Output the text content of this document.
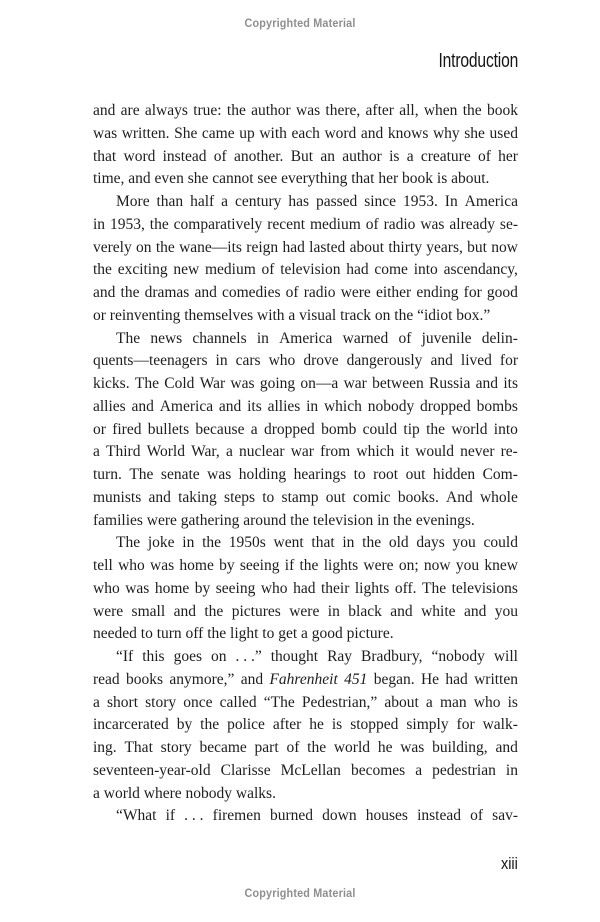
Copyrighted Material
Introduction
and are always true: the author was there, after all, when the book
was written. She came up with each word and knows why she used
that word instead of another. But an author is a creature of her
time, and even she cannot see everything that her book is about.
More than half a century has passed since 1953. In America
in 1953, the comparatively recent medium of radio was already se-
verely on the wane—its reign had lasted about thirty years, but now
the exciting new medium of television had come into ascendancy,
and the dramas and comedies of radio were either ending for good
or reinventing themselves with a visual track on the “idiot box.”
The news channels in America warned of juvenile delin-
quents—teenagers in cars who drove dangerously and lived for
kicks. The Cold War was going on—a war between Russia and its
allies and America and its allies in which nobody dropped bombs
or fired bullets because a dropped bomb could tip the world into
a Third World War, a nuclear war from which it would never re-
turn. The senate was holding hearings to root out hidden Com-
munists and taking steps to stamp out comic books. And whole
families were gathering around the television in the evenings.
The joke in the 1950s went that in the old days you could
tell who was home by seeing if the lights were on; now you knew
who was home by seeing who had their lights off. The televisions
were small and the pictures were in black and white and you
needed to turn off the light to get a good picture.
“If this goes on . . .” thought Ray Bradbury, “nobody will
read books anymore,” and Fahrenheit 451 began. He had written
a short story once called “The Pedestrian,” about a man who is
incarcerated by the police after he is stopped simply for walk-
ing. That story became part of the world he was building, and
seventeen-year-old Clarisse McLellan becomes a pedestrian in
a world where nobody walks.
“What if . . . firemen burned down houses instead of sav-
xiii
Copyrighted Material
